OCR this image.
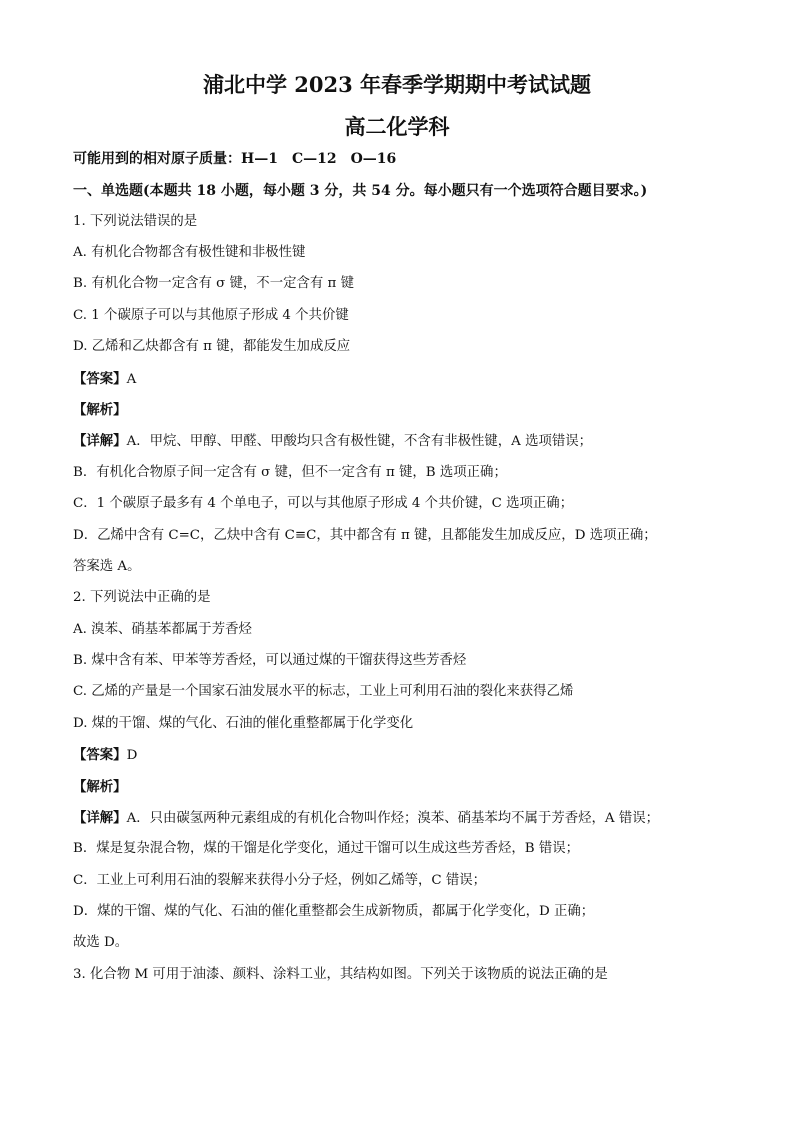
浦北中学 2023 年春季学期期中考试试题
高二化学科
可能用到的相对原子质量：H—1　C—12　O—16
一、单选题(本题共 18 小题，每小题 3 分，共 54 分。每小题只有一个选项符合题目要求。)
1. 下列说法错误的是
A. 有机化合物都含有极性键和非极性键
B. 有机化合物一定含有 σ 键，不一定含有 π 键
C. 1 个碳原子可以与其他原子形成 4 个共价键
D. 乙烯和乙炔都含有 π 键，都能发生加成反应
【答案】A
【解析】
【详解】A．甲烷、甲醇、甲醛、甲酸均只含有极性键，不含有非极性键，A 选项错误；
B．有机化合物原子间一定含有 σ 键，但不一定含有 π 键，B 选项正确；
C．1 个碳原子最多有 4 个单电子，可以与其他原子形成 4 个共价键，C 选项正确；
D．乙烯中含有 C=C，乙炔中含有 C≡C，其中都含有 π 键，且都能发生加成反应，D 选项正确；
答案选 A。
2. 下列说法中正确的是
A. 溴苯、硝基苯都属于芳香烃
B. 煤中含有苯、甲苯等芳香烃，可以通过煤的干馏获得这些芳香烃
C. 乙烯的产量是一个国家石油发展水平的标志，工业上可利用石油的裂化来获得乙烯
D. 煤的干馏、煤的气化、石油的催化重整都属于化学变化
【答案】D
【解析】
【详解】A．只由碳氢两种元素组成的有机化合物叫作烃；溴苯、硝基苯均不属于芳香烃，A 错误；
B．煤是复杂混合物，煤的干馏是化学变化，通过干馏可以生成这些芳香烃，B 错误；
C．工业上可利用石油的裂解来获得小分子烃，例如乙烯等，C 错误；
D．煤的干馏、煤的气化、石油的催化重整都会生成新物质，都属于化学变化，D 正确；
故选 D。
3. 化合物 M 可用于油漆、颜料、涂料工业，其结构如图。下列关于该物质的说法正确的是
